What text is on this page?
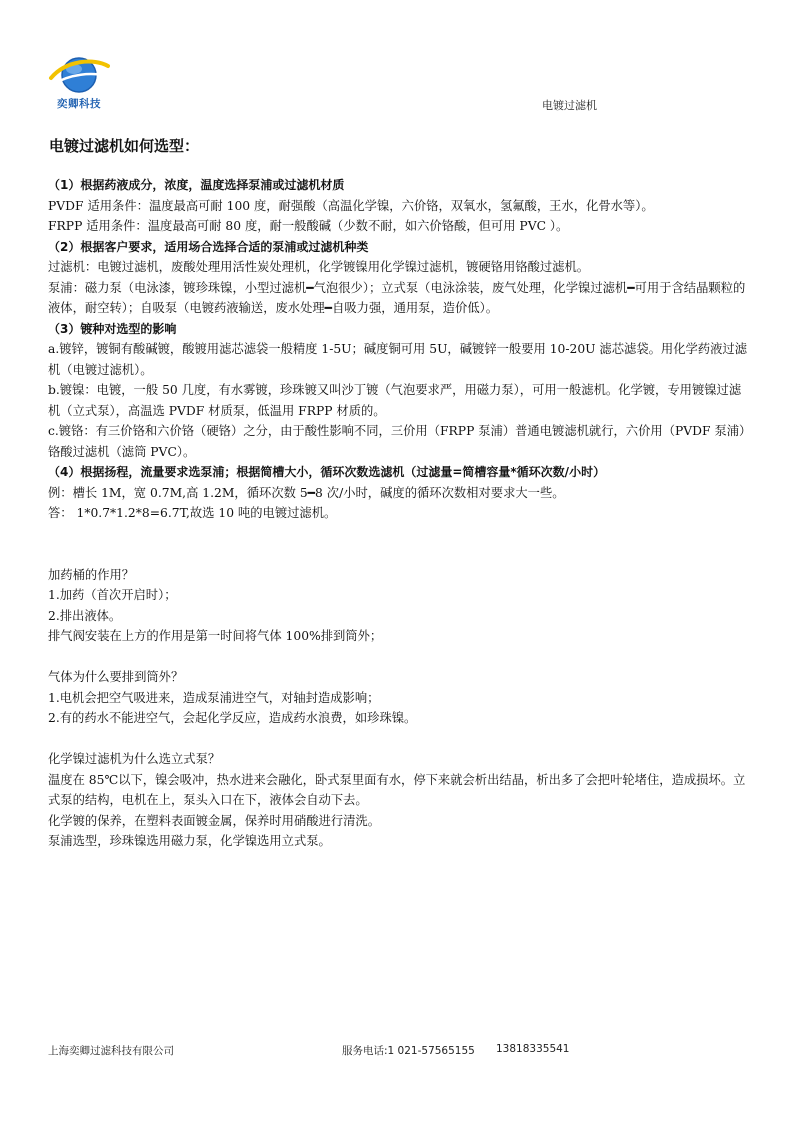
奕卿科技	电镀过滤机
电镀过滤机如何选型：

（1）根据药液成分，浓度，温度选择泵浦或过滤机材质

PVDF 适用条件：温度最高可耐 100 度，耐强酸（高温化学镍，六价铬，双氧水，氢氟酸，王水，化骨水等）。

FRPP 适用条件：温度最高可耐 80 度，耐一般酸碱（少数不耐，如六价铬酸，但可用 PVC ）。

（2）根据客户要求，适用场合选择合适的泵浦或过滤机种类

过滤机：电镀过滤机，废酸处理用活性炭处理机，化学镀镍用化学镍过滤机，镀硬铬用铬酸过滤机。

泵浦：磁力泵（电泳漆，镀珍珠镍，小型过滤机━气泡很少）；立式泵（电泳涂装，废气处理，化学镍过滤机━可用于含结晶颗粒的液体，耐空转）；自吸泵（电镀药液输送，废水处理━自吸力强，通用泵，造价低）。

（3）镀种对选型的影响

a.镀锌，镀铜有酸碱镀，酸镀用滤芯滤袋一般精度 1-5U；碱度铜可用 5U，碱镀锌一般要用 10-20U 滤芯滤袋。用化学药液过滤机（电镀过滤机）。

b.镀镍：电镀，一般 50 几度，有水雾镀，珍珠镀又叫沙丁镀（气泡要求严，用磁力泵），可用一般滤机。化学镀，专用镀镍过滤机（立式泵），高温选 PVDF 材质泵，低温用 FRPP 材质的。

c.镀铬：有三价铬和六价铬（硬铬）之分，由于酸性影响不同，三价用（FRPP 泵浦）普通电镀滤机就行，六价用（PVDF 泵浦）铬酸过滤机（滤筒 PVC）。

（4）根据扬程，流量要求选泵浦；根据简槽大小，循环次数选滤机（过滤量=简槽容量*循环次数/小时）

例：槽长 1M，宽 0.7M,高 1.2M，循环次数 5━8 次/小时，碱度的循环次数相对要求大一些。

答： 1*0.7*1.2*8=6.7T,故选 10 吨的电镀过滤机。

加药桶的作用？

1.加药（首次开启时）；

2.排出液体。

排气阀安装在上方的作用是第一时间将气体 100%排到筒外；

气体为什么要排到筒外？

1.电机会把空气吸进来，造成泵浦进空气，对轴封造成影响；

2.有的药水不能进空气，会起化学反应，造成药水浪费，如珍珠镍。

化学镍过滤机为什么选立式泵？

温度在 85℃以下，镍会吸冲，热水进来会融化，卧式泵里面有水，停下来就会析出结晶，析出多了会把叶轮堵住，造成损坏。立式泵的结构，电机在上，泵头入口在下，液体会自动下去。

化学镀的保养，在塑料表面镀金属，保养时用硝酸进行清洗。

泵浦选型，珍珠镍选用磁力泵，化学镍选用立式泵。

上海奕卿过滤科技有限公司	服务电话:1 021-57565155 13818335541
